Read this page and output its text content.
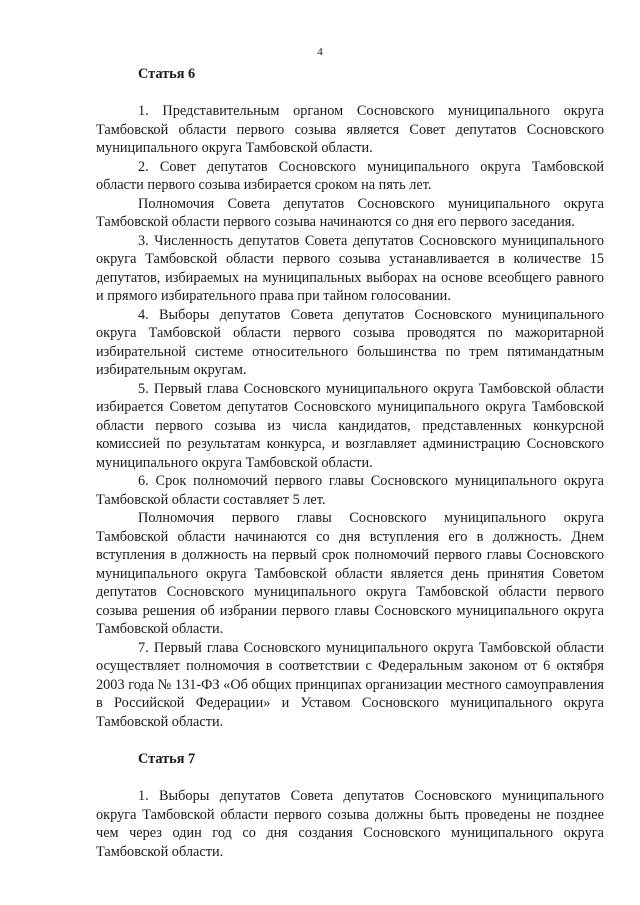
4
Статья 6

1. Представительным органом Сосновского муниципального округа Тамбовской области первого созыва является Совет депутатов Сосновского муниципального округа Тамбовской области.

2. Совет депутатов Сосновского муниципального округа Тамбовской области первого созыва избирается сроком на пять лет.

Полномочия Совета депутатов Сосновского муниципального округа Тамбовской области первого созыва начинаются со дня его первого заседания.

3. Численность депутатов Совета депутатов Сосновского муниципального округа Тамбовской области первого созыва устанавливается в количестве 15 депутатов, избираемых на муниципальных выборах на основе всеобщего равного и прямого избирательного права при тайном голосовании.

4. Выборы депутатов Совета депутатов Сосновского муниципального округа Тамбовской области первого созыва проводятся по мажоритарной избирательной системе относительного большинства по трем пятимандатным избирательным округам.

5. Первый глава Сосновского муниципального округа Тамбовской области избирается Советом депутатов Сосновского муниципального округа Тамбовской области первого созыва из числа кандидатов, представленных конкурсной комиссией по результатам конкурса, и возглавляет администрацию Сосновского муниципального округа Тамбовской области.

6. Срок полномочий первого главы Сосновского муниципального округа Тамбовской области составляет 5 лет.

Полномочия первого главы Сосновского муниципального округа Тамбовской области начинаются со дня вступления его в должность. Днем вступления в должность на первый срок полномочий первого главы Сосновского муниципального округа Тамбовской области является день принятия Советом депутатов Сосновского муниципального округа Тамбовской области первого созыва решения об избрании первого главы Сосновского муниципального округа Тамбовской области.

7. Первый глава Сосновского муниципального округа Тамбовской области осуществляет полномочия в соответствии с Федеральным законом от 6 октября 2003 года № 131-ФЗ «Об общих принципах организации местного самоуправления в Российской Федерации» и Уставом Сосновского муниципального округа Тамбовской области.

Статья 7

1. Выборы депутатов Совета депутатов Сосновского муниципального округа Тамбовской области первого созыва должны быть проведены не позднее чем через один год со дня создания Сосновского муниципального округа Тамбовской области.
